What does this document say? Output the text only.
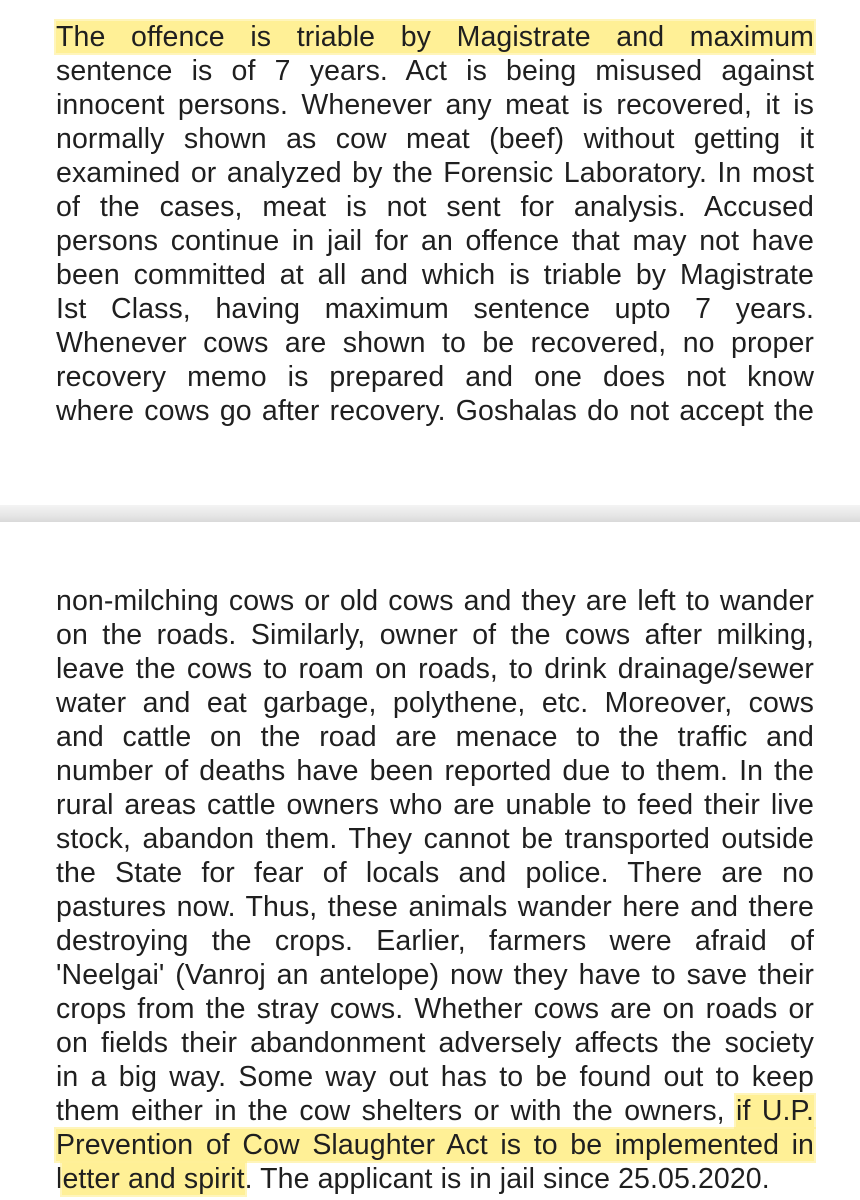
The offence is triable by Magistrate and maximum
sentence is of 7 years. Act is being misused against
innocent persons. Whenever any meat is recovered, it is
normally shown as cow meat (beef) without getting it
examined or analyzed by the Forensic Laboratory. In most
of the cases, meat is not sent for analysis. Accused
persons continue in jail for an offence that may not have
been committed at all and which is triable by Magistrate
Ist Class, having maximum sentence upto 7 years.
Whenever cows are shown to be recovered, no proper
recovery memo is prepared and one does not know
where cows go after recovery. Goshalas do not accept the
non-milching cows or old cows and they are left to wander
on the roads. Similarly, owner of the cows after milking,
leave the cows to roam on roads, to drink drainage/sewer
water and eat garbage, polythene, etc. Moreover, cows
and cattle on the road are menace to the traffic and
number of deaths have been reported due to them. In the
rural areas cattle owners who are unable to feed their live
stock, abandon them. They cannot be transported outside
the State for fear of locals and police. There are no
pastures now. Thus, these animals wander here and there
destroying the crops. Earlier, farmers were afraid of
'Neelgai' (Vanroj an antelope) now they have to save their
crops from the stray cows. Whether cows are on roads or
on fields their abandonment adversely affects the society
in a big way. Some way out has to be found out to keep
them either in the cow shelters or with the owners, if U.P.
Prevention of Cow Slaughter Act is to be implemented in
letter and spirit. The applicant is in jail since 25.05.2020.
